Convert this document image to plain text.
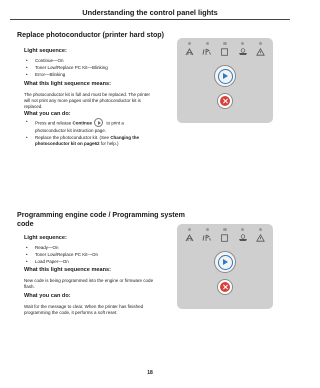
Understanding the control panel lights
Replace photoconductor (printer hard stop)
Light sequence:
• Continue—On
• Toner Low/Replace PC Kit—Blinking
• Error—Blinking
What this light sequence means:

The photoconductor kit is full and must be replaced. The printer will not print any more pages until the photoconductor kit is replaced.

What you can do:
• Press and release Continue	to print a photoconductor kit instruction page.
• Replace the photoconductor kit. (See Changing the photoconductor kit on page62 for help.)
Programming engine code / Programming system
code
Light sequence:
• Ready—On
• Toner Low/Replace PC Kit—On
• Load Paper—On
What this light sequence means:

New code is being programmed into the engine or firmware code flash.

What you can do:

Wait for the message to clear. When the printer has finished programming the code, it performs a soft reset.

18
